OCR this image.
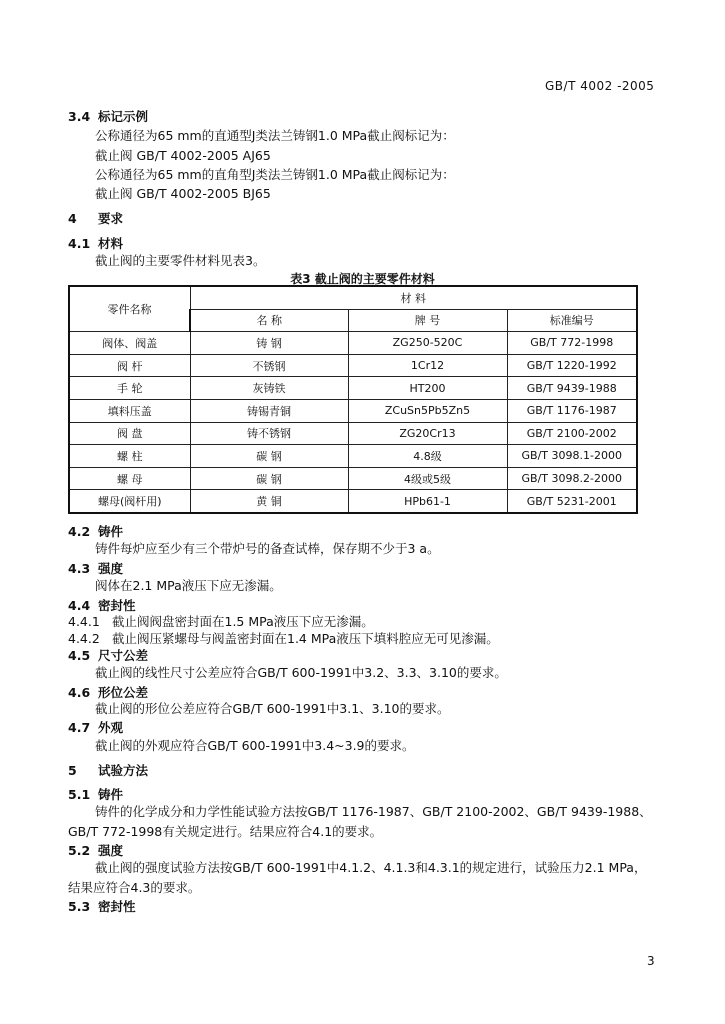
GB/T 4002 -2005
3.4 标记示例
公称通径为65 mm的直通型J类法兰铸钢1.0 MPa截止阀标记为：
截止阀 GB/T 4002-2005 AJ65
公称通径为65 mm的直角型J类法兰铸钢1.0 MPa截止阀标记为：
截止阀 GB/T 4002-2005 BJ65
4 要求
4.1 材料
截止阀的主要零件材料见表3。
表3 截止阀的主要零件材料
零件名称	材 料		
	名 称	牌 号	标准编号
阀体、阀盖	铸 钢	ZG250-520C	GB/T 772-1998
阀 杆	不锈钢	1Cr12	GB/T 1220-1992
手 轮	灰铸铁	HT200	GB/T 9439-1988
填料压盖	铸锡青铜	ZCuSn5Pb5Zn5	GB/T 1176-1987
阀 盘	铸不锈钢	ZG20Cr13	GB/T 2100-2002
螺 柱	碳 钢	4.8级	GB/T 3098.1-2000
螺 母	碳 钢	4级或5级	GB/T 3098.2-2000
螺母(阀杆用)	黄 铜	HPb61-1	GB/T 5231-2001
4.2 铸件
铸件每炉应至少有三个带炉号的备查试棒，保存期不少于3 a。
4.3 强度
阀体在2.1 MPa液压下应无渗漏。
4.4 密封性
4.4.1 截止阀阀盘密封面在1.5 MPa液压下应无渗漏。
4.4.2 截止阀压紧螺母与阀盖密封面在1.4 MPa液压下填料腔应无可见渗漏。
4.5 尺寸公差
截止阀的线性尺寸公差应符合GB/T 600-1991中3.2、3.3、3.10的要求。
4.6 形位公差
截止阀的形位公差应符合GB/T 600-1991中3.1、3.10的要求。
4.7 外观
截止阀的外观应符合GB/T 600-1991中3.4~3.9的要求。
5 试验方法
5.1 铸件
铸件的化学成分和力学性能试验方法按GB/T 1176-1987、GB/T 2100-2002、GB/T 9439-1988、
GB/T 772-1998有关规定进行。结果应符合4.1的要求。
5.2 强度
截止阀的强度试验方法按GB/T 600-1991中4.1.2、4.1.3和4.3.1的规定进行，试验压力2.1 MPa，
结果应符合4.3的要求。
5.3 密封性
3
